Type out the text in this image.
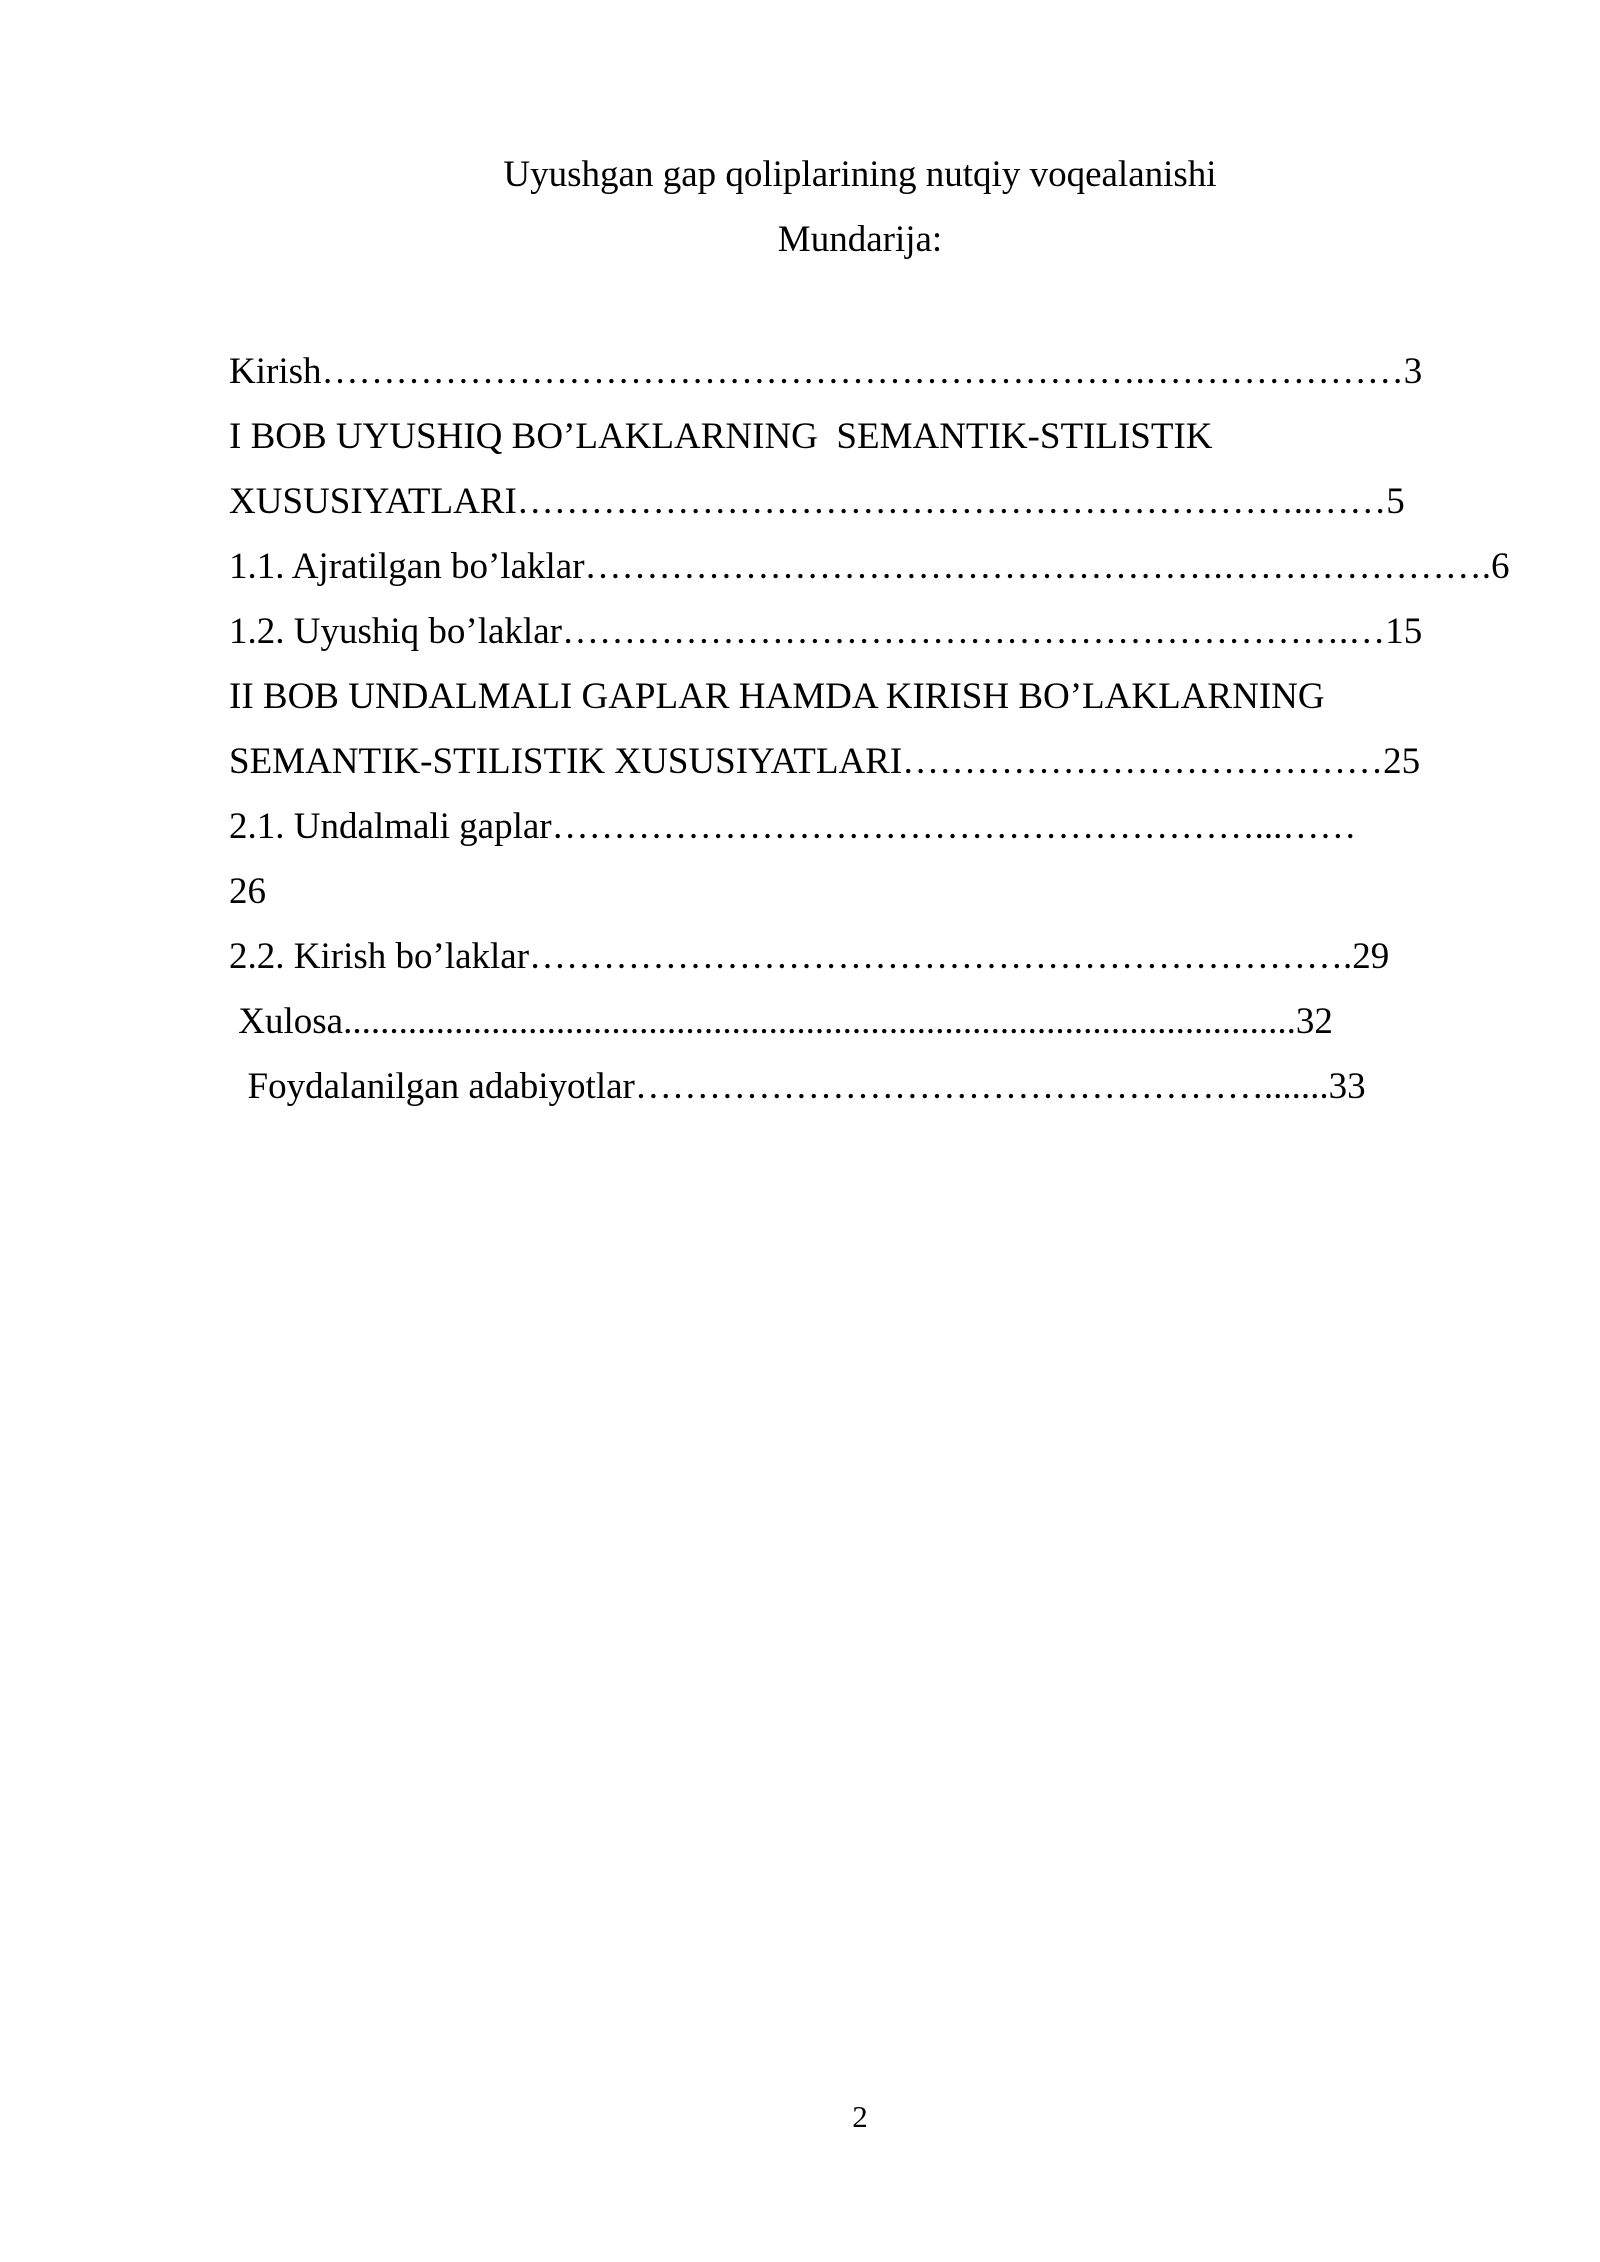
Uyushgan gap qoliplarining nutqiy voqealanishi
Mundarija:
Kirish………………………………………………………….…………………3
I BOB UYUSHIQ BO’LAKLARNING  SEMANTIK-STILISTIK
XUSUSIYATLARI………………………………………………………..……5
1.1. Ajratilgan bo’laklar…………………………………………….………………….6
1.2. Uyushiq bo’laklar……………………………………………………….…15
II BOB UNDALMALI GAPLAR HAMDA KIRISH BO’LAKLARNING
SEMANTIK-STILISTIK XUSUSIYATLARI…………………………………25
2.1. Undalmali gaplar…………………………………………………...……
26
2.2. Kirish bo’laklar………………………………………………………….29
Xulosa.......................................................................................................32
Foydalanilgan adabiyotlar…………………………………………….......33
2
